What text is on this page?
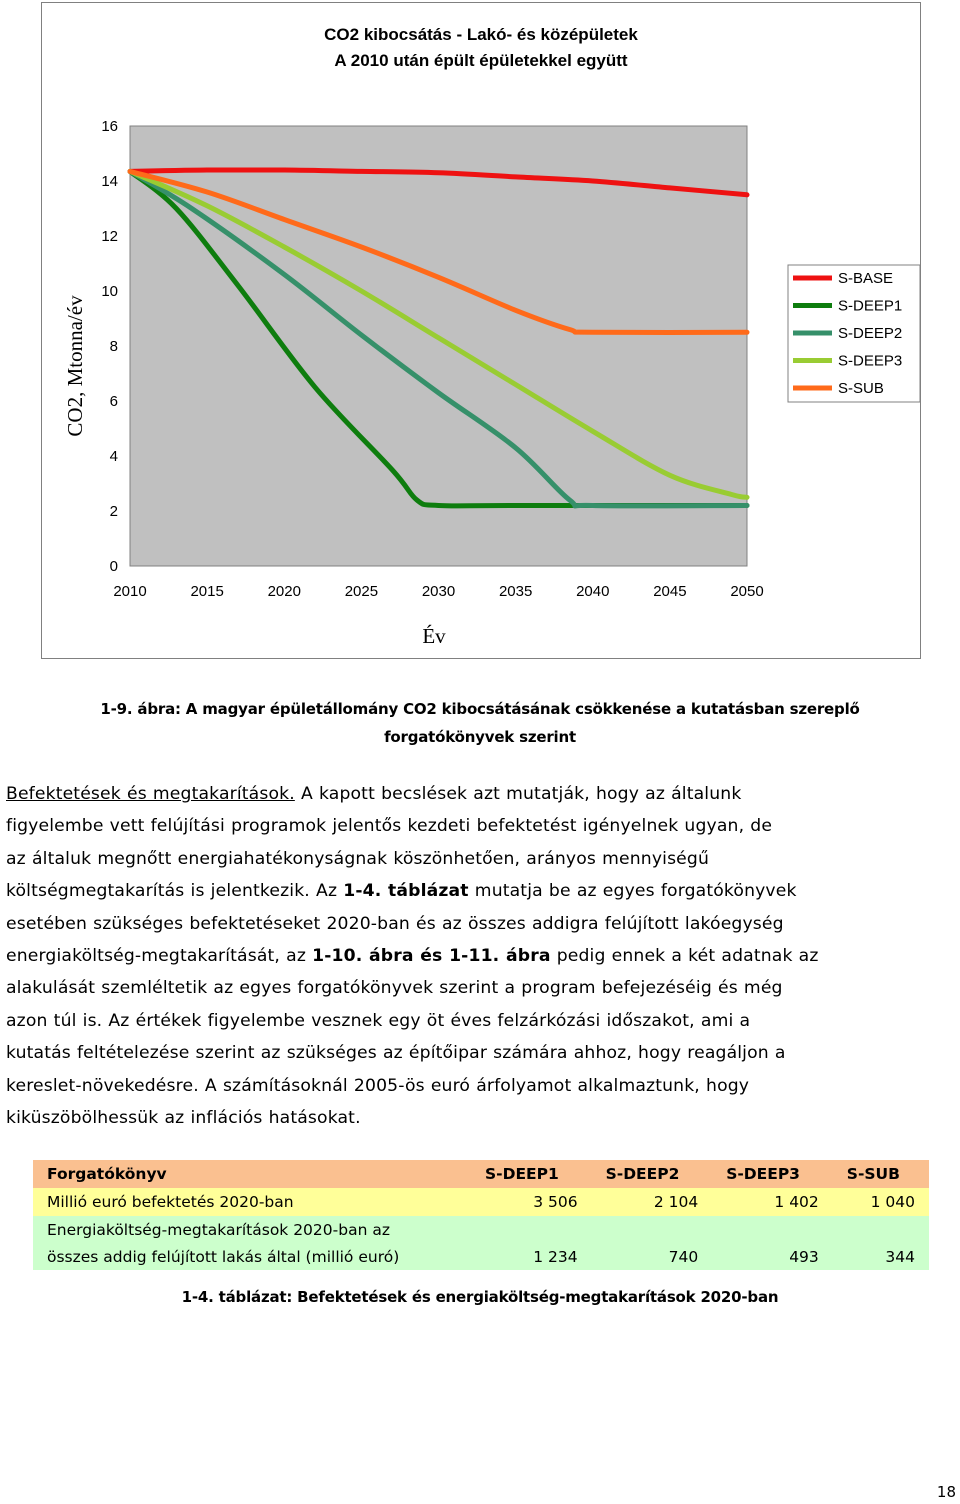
CO2 kibocsátás - Lakó- és középületek
A 2010 után épült épületekkel együtt
0
2
4
6
8
10
12
14
16
2010	2015	2020	2025	2030	2035	2040	2045	2050
CO2, Mtonna/év
Év
S-BASE
S-DEEP1
S-DEEP2
S-DEEP3
S-SUB
1-9. ábra: A magyar épületállomány CO2 kibocsátásának csökkenése a kutatásban szereplő
forgatókönyvek szerint
Befektetések és megtakarítások. A kapott becslések azt mutatják, hogy az általunk
figyelembe vett felújítási programok jelentős kezdeti befektetést igényelnek ugyan, de
az általuk megnőtt energiahatékonyságnak köszönhetően, arányos mennyiségű
költségmegtakarítás is jelentkezik. Az 1-4. táblázat mutatja be az egyes forgatókönyvek
esetében szükséges befektetéseket 2020-ban és az összes addigra felújított lakóegység
energiaköltség-megtakarítását, az 1-10. ábra és 1-11. ábra pedig ennek a két adatnak az
alakulását szemléltetik az egyes forgatókönyvek szerint a program befejezéséig és még
azon túl is. Az értékek figyelembe vesznek egy öt éves felzárkózási időszakot, ami a
kutatás feltételezése szerint az szükséges az építőipar számára ahhoz, hogy reagáljon a
kereslet-növekedésre. A számításoknál 2005-ös euró árfolyamot alkalmaztunk, hogy
kiküszöbölhessük az inflációs hatásokat.
Forgatókönyv	S-DEEP1	S-DEEP2	S-DEEP3	S-SUB
Millió euró befektetés 2020-ban	3 506	2 104	1 402	1 040
Energiaköltség-megtakarítások 2020-ban az				
összes addig felújított lakás által (millió euró)	1 234	740	493	344
1-4. táblázat: Befektetések és energiaköltség-megtakarítások 2020-ban
18
